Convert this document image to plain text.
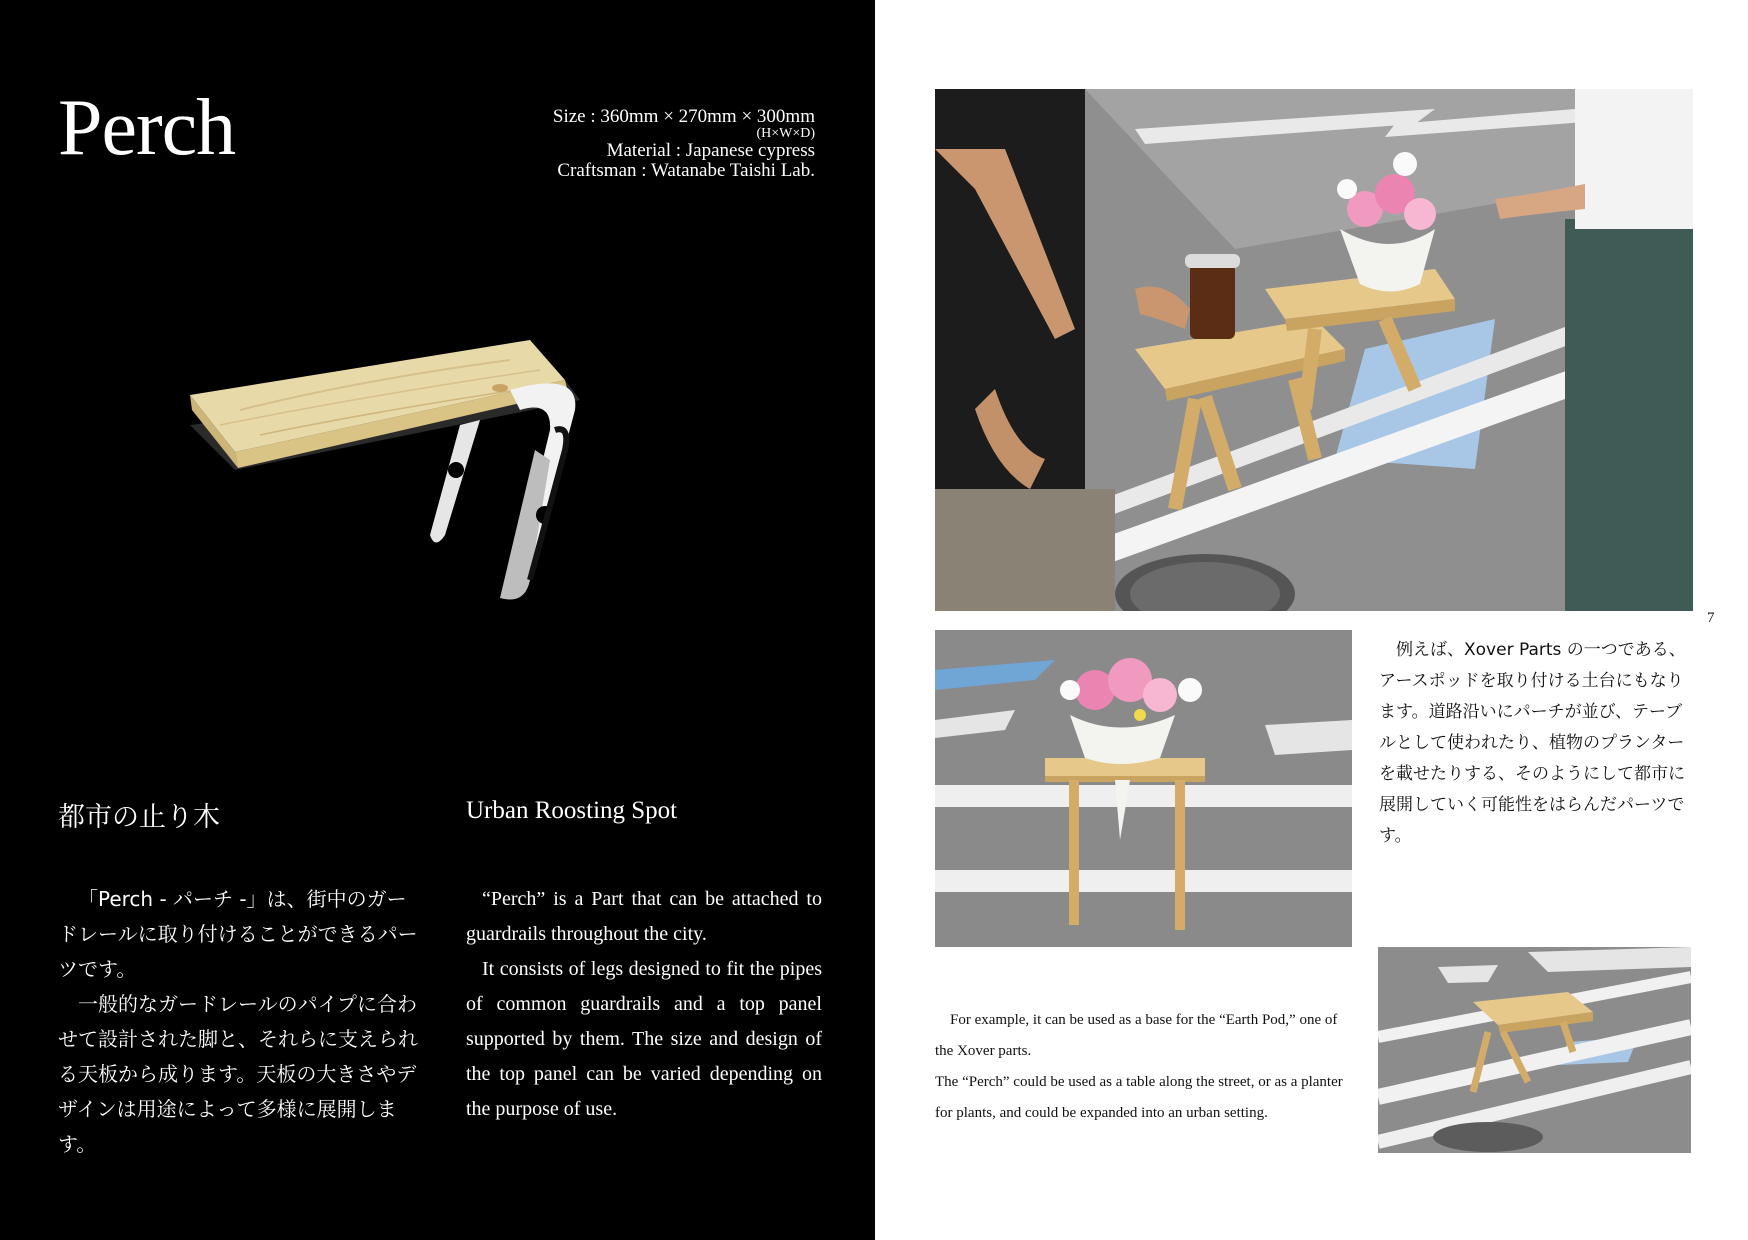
Perch	Size : 360mm × 270mm × 300mm
(H×W×D)
Material : Japanese cypress
Craftsman : Watanabe Taishi Lab.
都市の止り木	Urban Roosting Spot

「Perch - パーチ -」は、街中のガードレールに取り付けることができるパーツです。

一般的なガードレールのパイプに合わせて設計された脚と、それらに支えられる天板から成ります。天板の大きさやデザインは用途によって多様に展開します。

“Perch” is a Part that can be attached to guardrails throughout the city.

It consists of legs designed to fit the pipes of common guardrails and a top panel supported by them. The size and design of the top panel can be varied depending on the purpose of use.

7

例えば、Xover Parts の一つである、アースポッドを取り付ける土台にもなります。道路沿いにパーチが並び、テーブルとして使われたり、植物のプランターを載せたりする、そのようにして都市に展開していく可能性をはらんだパーツです。

For example, it can be used as a base for the “Earth Pod,” one of the Xover parts.

The “Perch” could be used as a table along the street, or as a planter for plants, and could be expanded into an urban setting.
